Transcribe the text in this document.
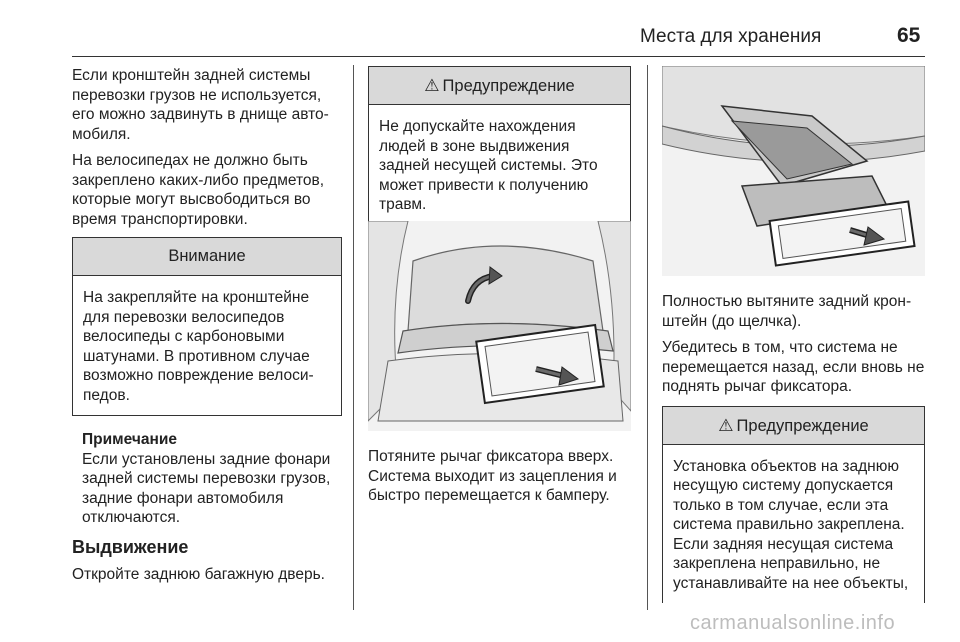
Места для хранения	65

Если кронштейн задней системы перевозки грузов не используется, его можно задвинуть в днище автомобиля.

На велосипедах не должно быть закреплено каких-либо предметов, которые могут высвободиться во время транспортировки.

Внимание
На закрепляйте на кронштейне для перевозки велосипедов велосипеды с карбоновыми шатунами. В противном случае возможно повреждение велосипедов.
Примечание
Если установлены задние фонари задней системы перевозки грузов, задние фонари автомобиля отключаются.
Выдвижение

Откройте заднюю багажную дверь.

⚠ Предупреждение
Не допускайте нахождения людей в зоне выдвижения задней несущей системы. Это может привести к получению травм.
Потяните рычаг фиксатора вверх. Система выходит из зацепления и быстро перемещается к бамперу.

Полностью вытяните задний кронштейн (до щелчка).

Убедитесь в том, что система не перемещается назад, если вновь не поднять рычаг фиксатора.

⚠ Предупреждение
Установка объектов на заднюю несущую систему допускается только в том случае, если эта система правильно закреплена. Если задняя несущая система закреплена неправильно, не устанавливайте на нее объекты,
carmanualsonline.info
